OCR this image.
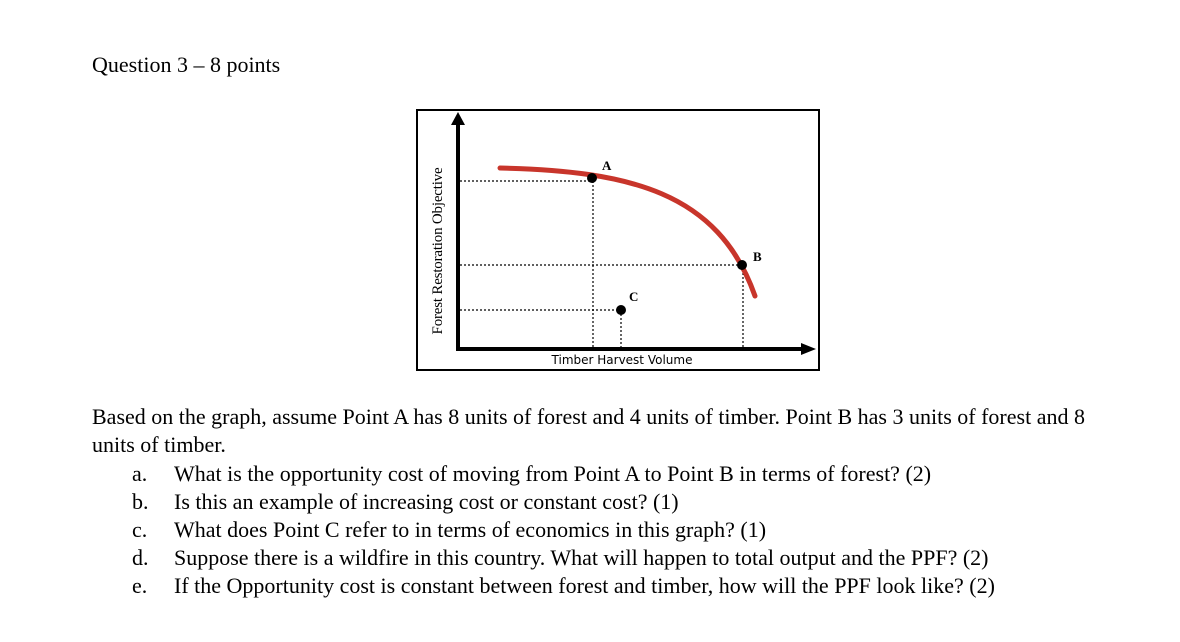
Question 3 – 8 points
Forest Restoration Objective
Timber Harvest Volume
A
B
C
Based on the graph, assume Point A has 8 units of forest and 4 units of timber. Point B has 3 units of forest and 8 units of timber.
a. What is the opportunity cost of moving from Point A to Point B in terms of forest? (2)
b. Is this an example of increasing cost or constant cost? (1)
c. What does Point C refer to in terms of economics in this graph? (1)
d. Suppose there is a wildfire in this country. What will happen to total output and the PPF? (2)
e. If the Opportunity cost is constant between forest and timber, how will the PPF look like? (2)
